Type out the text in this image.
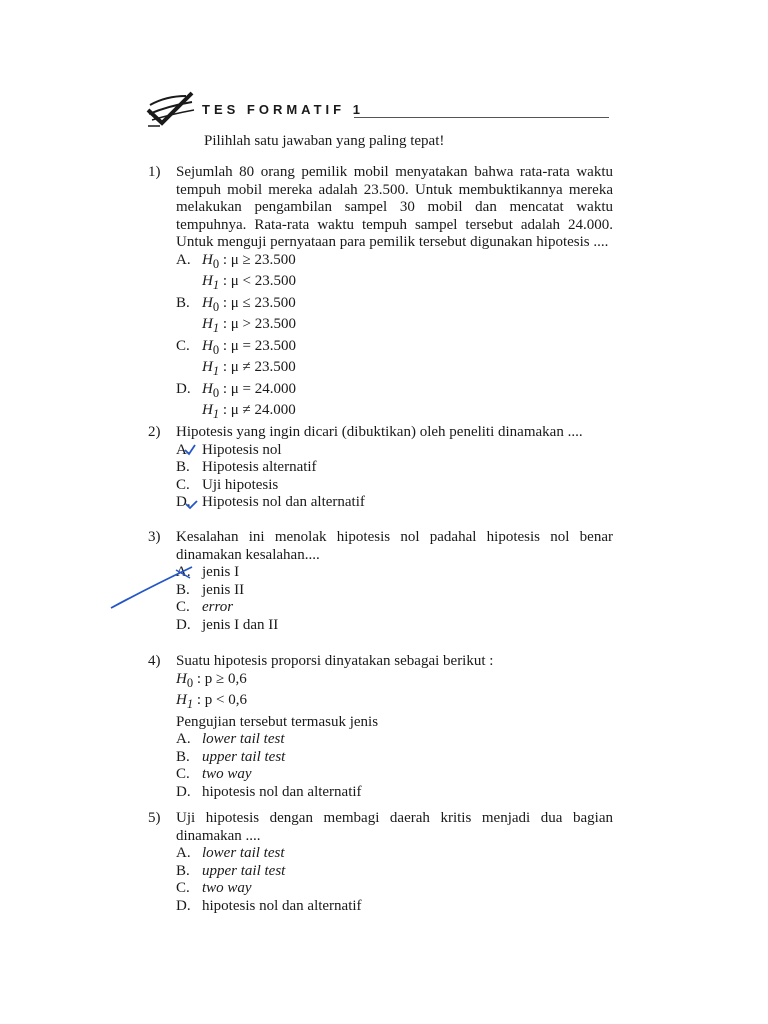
TES FORMATIF 1
Pilihlah satu jawaban yang paling tepat!
1)	Sejumlah 80 orang pemilik mobil menyatakan bahwa rata-rata waktu
tempuh mobil mereka adalah 23.500. Untuk membuktikannya mereka
melakukan pengambilan sampel 30 mobil dan mencatat waktu
tempuhnya. Rata-rata waktu tempuh sampel tersebut adalah 24.000.
Untuk menguji pernyataan para pemilik tersebut digunakan hipotesis ....
A. $H_0$ : μ ≥ 23.500
$H_1$ : μ < 23.500
B. $H_0$ : μ ≤ 23.500
$H_1$ : μ > 23.500
C. $H_0$ : μ = 23.500
$H_1$ : μ ≠ 23.500
D. $H_0$ : μ = 24.000
$H_1$ : μ ≠ 24.000
2)	Hipotesis yang ingin dicari (dibuktikan) oleh peneliti dinamakan ....
A. Hipotesis nol
B. Hipotesis alternatif
C. Uji hipotesis
D. Hipotesis nol dan alternatif
3)	Kesalahan ini menolak hipotesis nol padahal hipotesis nol benar
dinamakan kesalahan....
A. jenis I
B. jenis II
C. error
D. jenis I dan II
4)	Suatu hipotesis proporsi dinyatakan sebagai berikut :
$H_0$ : p ≥ 0,6
$H_1$ : p < 0,6
Pengujian tersebut termasuk jenis
A. lower tail test
B. upper tail test
C. two way
D. hipotesis nol dan alternatif
5)	Uji hipotesis dengan membagi daerah kritis menjadi dua bagian
dinamakan ....
A. lower tail test
B. upper tail test
C. two way
D. hipotesis nol dan alternatif
